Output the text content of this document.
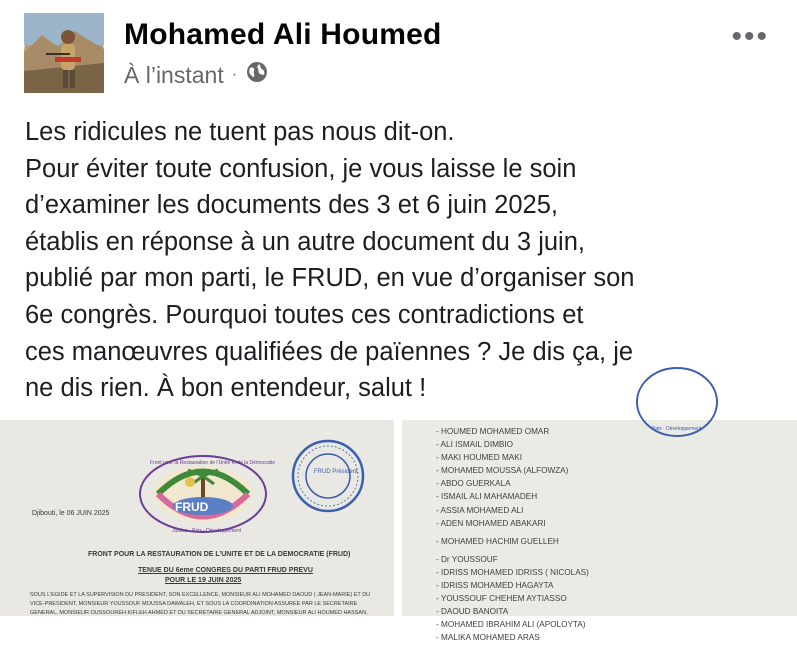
Mohamed Ali Houmed
À l’instant ·
•••
Les ridicules ne tuent pas nous dit-on.
Pour éviter toute confusion, je vous laisse le soin
d’examiner les documents des 3 et 6 juin 2025,
établis en réponse à un autre document du 3 juin,
publié par mon parti, le FRUD, en vue d’organiser son
6e congrès. Pourquoi toutes ces contradictions et
ces manœuvres qualifiées de païennes ? Je dis ça, je
ne dis rien. À bon entendeur, salut !
FRUD
Front pour la Restauration de l’Unité et de la Démocratie
Justice - Paix - Développement
FRUD Président
Djibouti, le 06 JUIN 2025
FRONT POUR LA RESTAURATION DE L’UNITE ET DE LA DEMOCRATIE (FRUD)
TENUE DU 6eme CONGRES DU PARTI FRUD PREVU
POUR LE 19 JUIN 2025
SOUS L’EGIDE ET LA SUPERVISION DU PRESIDENT, SON EXCELLENCE, MONSIEUR ALI MOHAMED DAOUD ( JEAN-MARIE) ET DU
VICE-PRESIDENT, MONSIEUR YOUSSOUF MOUSSA DAWALEH, ET SOUS LA COORDINATION ASSUREE PAR LE SECRETAIRE
GENERAL, MONSIEUR OUSSOUREH KIFLEH AHMED ET DU SECRETAIRE GENERAL ADJOINT, MONSIEUR ALI HOUMED HASSAN,
Paix · Développement
- HOUMED MOHAMED OMAR
- ALI ISMAIL DIMBIO
- MAKI HOUMED MAKI
- MOHAMED MOUSSA (ALFOWZA)
- ABDO GUERKALA
- ISMAIL ALI MAHAMADEH
- ASSIA MOHAMED ALI
- ADEN MOHAMED ABAKARI
- MOHAMED HACHIM GUELLEH
- Dr YOUSSOUF
- IDRISS MOHAMED IDRISS ( NICOLAS)
- IDRISS MOHAMED HAGAYTA
- YOUSSOUF CHEHEM AYTIASSO
- DAOUD BANOITA
- MOHAMED IBRAHIM ALI (APOLOYTA)
- MALIKA MOHAMED ARAS
